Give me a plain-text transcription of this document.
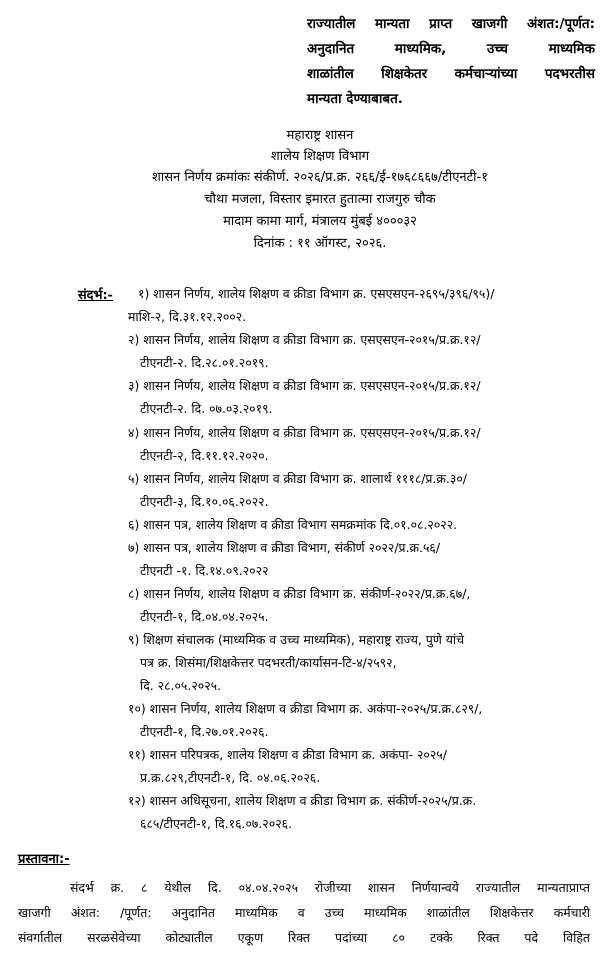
राज्यातील मान्यता प्राप्त खाजगी अंशत:/पूर्णत:
अनुदानित माध्यमिक, उच्च माध्यमिक
शाळांतील शिक्षकेतर कर्मचाऱ्यांच्या पदभरतीस
मान्यता देण्याबाबत.
महाराष्ट्र शासन
शालेय शिक्षण विभाग
शासन निर्णय क्रमांकः संकीर्ण. २०२६/प्र.क्र. २६६/ई-१७६८६६७/टीएनटी-१
चौथा मजला, विस्तार इमारत हुतात्मा राजगुरु चौक
मादाम कामा मार्ग, मंत्रालय मुंबई ४०००३२
दिनांक : ११ ऑगस्ट, २०२६.
संदर्भ:- १) शासन निर्णय, शालेय शिक्षण व क्रीडा विभाग क्र. एसएसएन-२६९५/३९६/९५)/
माशि-२, दि.३१.१२.२००२.
२) शासन निर्णय, शालेय शिक्षण व क्रीडा विभाग क्र. एसएसएन-२०१५/प्र.क्र.१२/
टीएनटी-२. दि.२८.०१.२०१९.
३) शासन निर्णय, शालेय शिक्षण व क्रीडा विभाग क्र. एसएसएन-२०१५/प्र.क्र.१२/
टीएनटी-२. दि. ०७.०३.२०१९.
४) शासन निर्णय, शालेय शिक्षण व क्रीडा विभाग क्र. एसएसएन-२०१५/प्र.क्र.१२/
टीएनटी-२, दि.११.१२.२०२०.
५) शासन निर्णय, शालेय शिक्षण व क्रीडा विभाग क्र. शालार्थ १११८/प्र.क्र.३०/
टीएनटी-३, दि.१०.०६.२०२२.
६) शासन पत्र, शालेय शिक्षण व क्रीडा विभाग समक्रमांक दि.०१.०८.२०२२.
७) शासन पत्र, शालेय शिक्षण व क्रीडा विभाग, संकीर्ण २०२२/प्र.क्र.५६/
टीएनटी -१. दि.१४.०९.२०२२
८) शासन निर्णय, शालेय शिक्षण व क्रीडा विभाग क्र. संकीर्ण-२०२२/प्र.क्र.६७/,
टीएनटी-१, दि.०४.०४.२०२५.
९) शिक्षण संचालक (माध्यमिक व उच्च माध्यमिक), महाराष्ट्र राज्य, पुणे यांचे
पत्र क्र. शिसंमा/शिक्षकेत्तर पदभरती/कार्यासन-टि-४/२५९२,
दि. २८.०५.२०२५.
१०) शासन निर्णय, शालेय शिक्षण व क्रीडा विभाग क्र. अकंपा-२०२५/प्र.क्र.८२९/,
टीएनटी-१, दि.२७.०१.२०२६.
११) शासन परिपत्रक, शालेय शिक्षण व क्रीडा विभाग क्र. अकंपा- २०२५/
प्र.क्र.८२९,टीएनटी-१, दि. ०४.०६.२०२६.
१२) शासन अधिसूचना, शालेय शिक्षण व क्रीडा विभाग क्र. संकीर्ण-२०२५/प्र.क्र.
६८५/टीएनटी-१, दि.१६.०७.२०२६.
प्रस्तावना:-
संदर्भ क्र. ८ येथील दि. ०४.०४.२०२५ रोजीच्या शासन निर्णयान्वये राज्यातील मान्यताप्राप्त
खाजगी अंशत: /पूर्णत: अनुदानित माध्यमिक व उच्च माध्यमिक शाळांतील शिक्षकेत्तर कर्मचारी
संवर्गातील सरळसेवेच्या कोट्यातील एकूण रिक्त पदांच्या ८० टक्के रिक्त पदे विहित
